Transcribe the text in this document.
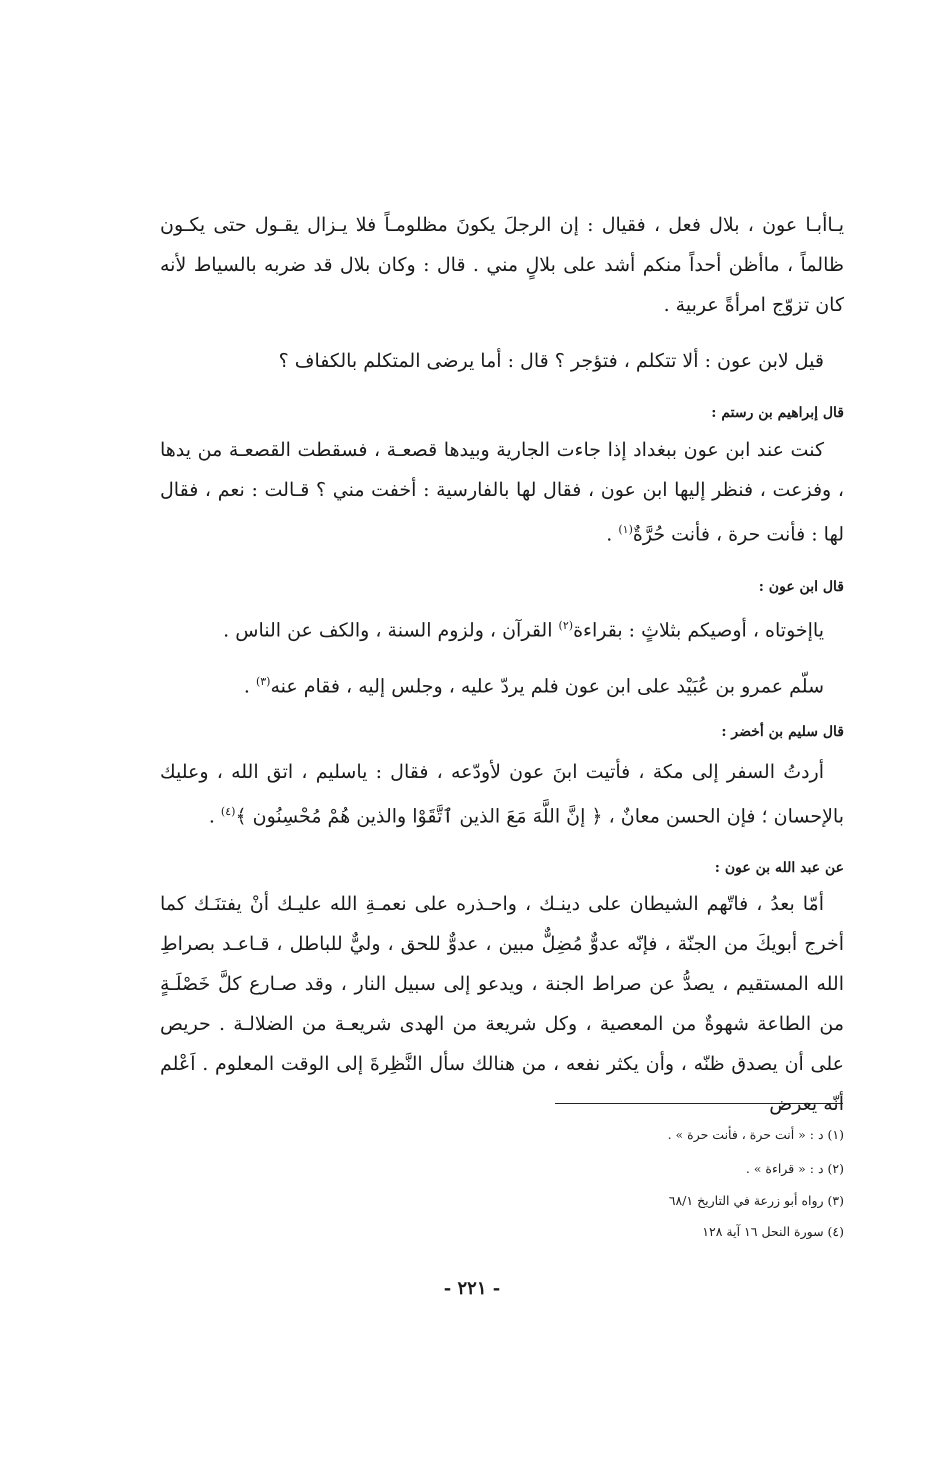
يـاأبـا عون ، بلال فعل ، فقيال : إن الرجلَ يكونَ مظلومـاً فلا يـزال يقـول حتى يكـون ظالماً ، ماأظن أحداً منكم أشد على بلالٍ مني . قال : وكان بلال قد ضربه بالسياط لأنه كان تزوّج امرأةً عربية .
قيل لابن عون : ألا تتكلم ، فتؤجر ؟ قال : أما يرضى المتكلم بالكفاف ؟
قال إبراهيم بن رستم :
كنت عند ابن عون ببغداد إذا جاءت الجارية وبيدها قصعـة ، فسقطت القصعـة من يدها ، وفزعت ، فنظر إليها ابن عون ، فقال لها بالفارسية : أخفت مني ؟ قـالت : نعم ، فقال لها : فأنت حرة ، فأنت حُرَّةٌ$^{(١)}$ .
قال ابن عون :
ياإخوتاه ، أوصيكم بثلاثٍ : بقراءة$^{(٢)}$ القرآن ، ولزوم السنة ، والكف عن الناس .
سلّم عمرو بن عُبَيْد على ابن عون فلم يردّ عليه ، وجلس إليه ، فقام عنه$^{(٣)}$ .
قال سليم بن أخضر :
أردتُ السفر إلى مكة ، فأتيت ابنَ عون لأودّعه ، فقال : ياسليم ، اتق الله ، وعليك بالإحسان ؛ فإن الحسن معانٌ ، ﴿ إنَّ اللَّهَ مَعَ الذين ٱتَّقَوْا والذين هُمْ مُحْسِنُون ﴾$^{(٤)}$ .
عن عبد الله بن عون :
أمّا بعدُ ، فاتّهم الشيطان على دينـك ، واحـذره على نعمـةِ الله عليـك أنْ يفتنَـك كما أخرج أبويكَ من الجنّة ، فإنّه عدوٌّ مُضِلٌّ مبين ، عدوٌّ للحق ، وليٌّ للباطل ، قـاعـد بصراطِ الله المستقيم ، يصدُّ عن صراط الجنة ، ويدعو إلى سبيل النار ، وقد صـارع كلَّ خَصْلَـةٍ من الطاعة شهوةٌ من المعصية ، وكل شريعة من الهدى شريعـة من الضلالـة . حريص على أن يصدق ظنّه ، وأن يكثر نفعه ، من هنالك سأل النَّظِرةَ إلى الوقت المعلوم . اَعْلم أنّه يعرض
(١) د : « أنت حرة ، فأنت حرة » .
(٢) د : « قراءة » .
(٣) رواه أبو زرعة في التاريخ ٦٨/١
(٤) سورة النحل ١٦ آية ١٢٨
- ٢٢١ -
